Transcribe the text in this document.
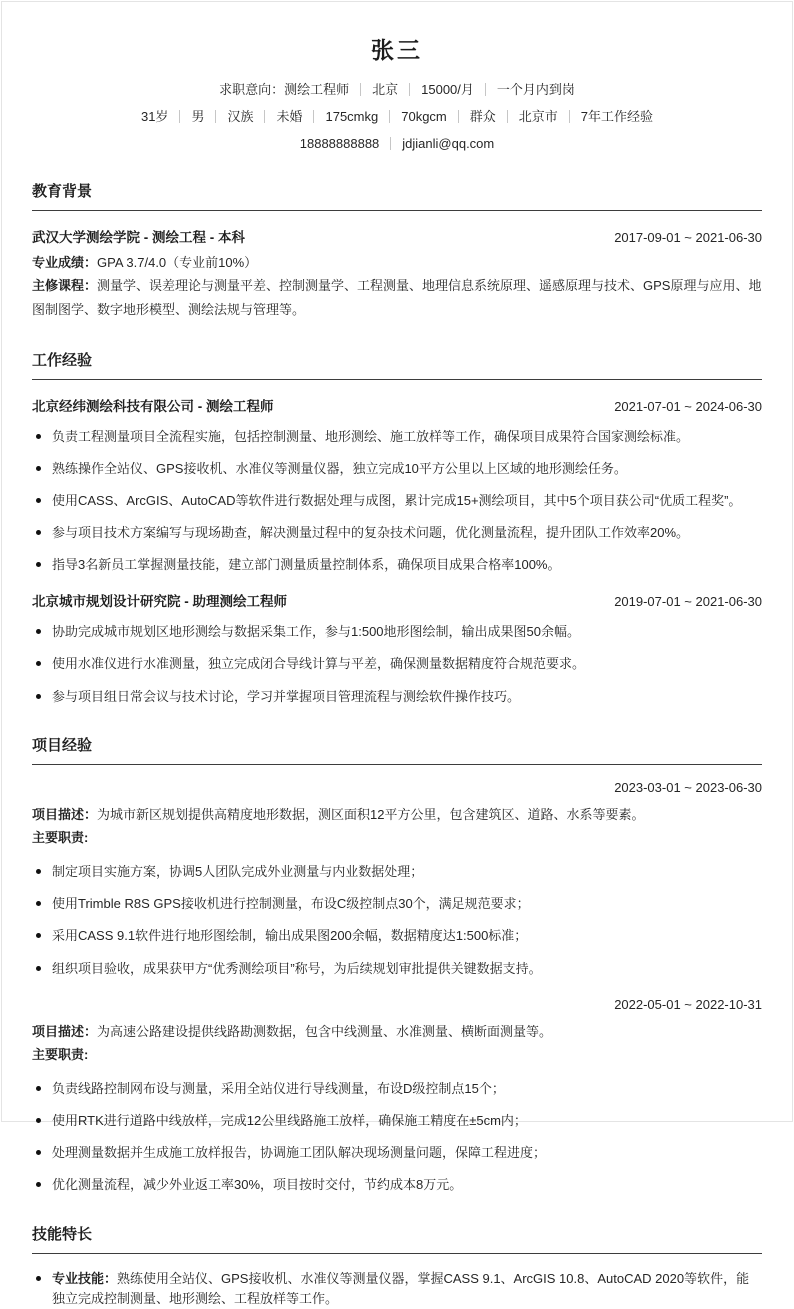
张三
求职意向：测绘工程师 北京 15000/月 一个月内到岗
31岁 男 汉族 未婚 175cmkg 70kgcm 群众 北京市 7年工作经验
18888888888 jdjianli@qq.com
教育背景
武汉大学测绘学院 - 测绘工程 - 本科	2017-09-01 ~ 2021-06-30
专业成绩：GPA 3.7/4.0（专业前10%）
主修课程：测量学、误差理论与测量平差、控制测量学、工程测量、地理信息系统原理、遥感原理与技术、GPS原理与应用、地图制图学、数字地形模型、测绘法规与管理等。
工作经验
北京经纬测绘科技有限公司 - 测绘工程师	2021-07-01 ~ 2024-06-30
负责工程测量项目全流程实施，包括控制测量、地形测绘、施工放样等工作，确保项目成果符合国家测绘标准。
熟练操作全站仪、GPS接收机、水准仪等测量仪器，独立完成10平方公里以上区域的地形测绘任务。
使用CASS、ArcGIS、AutoCAD等软件进行数据处理与成图，累计完成15+测绘项目，其中5个项目获公司“优质工程奖”。
参与项目技术方案编写与现场勘查，解决测量过程中的复杂技术问题，优化测量流程，提升团队工作效率20%。
指导3名新员工掌握测量技能，建立部门测量质量控制体系，确保项目成果合格率100%。
北京城市规划设计研究院 - 助理测绘工程师	2019-07-01 ~ 2021-06-30
协助完成城市规划区地形测绘与数据采集工作，参与1:500地形图绘制，输出成果图50余幅。
使用水准仪进行水准测量，独立完成闭合导线计算与平差，确保测量数据精度符合规范要求。
参与项目组日常会议与技术讨论，学习并掌握项目管理流程与测绘软件操作技巧。
项目经验
2023-03-01 ~ 2023-06-30
项目描述：为城市新区规划提供高精度地形数据，测区面积12平方公里，包含建筑区、道路、水系等要素。
主要职责:
制定项目实施方案，协调5人团队完成外业测量与内业数据处理；
使用Trimble R8S GPS接收机进行控制测量，布设C级控制点30个，满足规范要求；
采用CASS 9.1软件进行地形图绘制，输出成果图200余幅，数据精度达1:500标准；
组织项目验收，成果获甲方“优秀测绘项目”称号，为后续规划审批提供关键数据支持。
2022-05-01 ~ 2022-10-31
项目描述：为高速公路建设提供线路勘测数据，包含中线测量、水准测量、横断面测量等。
主要职责:
负责线路控制网布设与测量，采用全站仪进行导线测量，布设D级控制点15个；
使用RTK进行道路中线放样，完成12公里线路施工放样，确保施工精度在±5cm内；
处理测量数据并生成施工放样报告，协调施工团队解决现场测量问题，保障工程进度；
优化测量流程，减少外业返工率30%，项目按时交付，节约成本8万元。
技能特长
专业技能：熟练使用全站仪、GPS接收机、水准仪等测量仪器，掌握CASS 9.1、ArcGIS 10.8、AutoCAD 2020等软件，能独立完成控制测量、地形测绘、工程放样等工作。
